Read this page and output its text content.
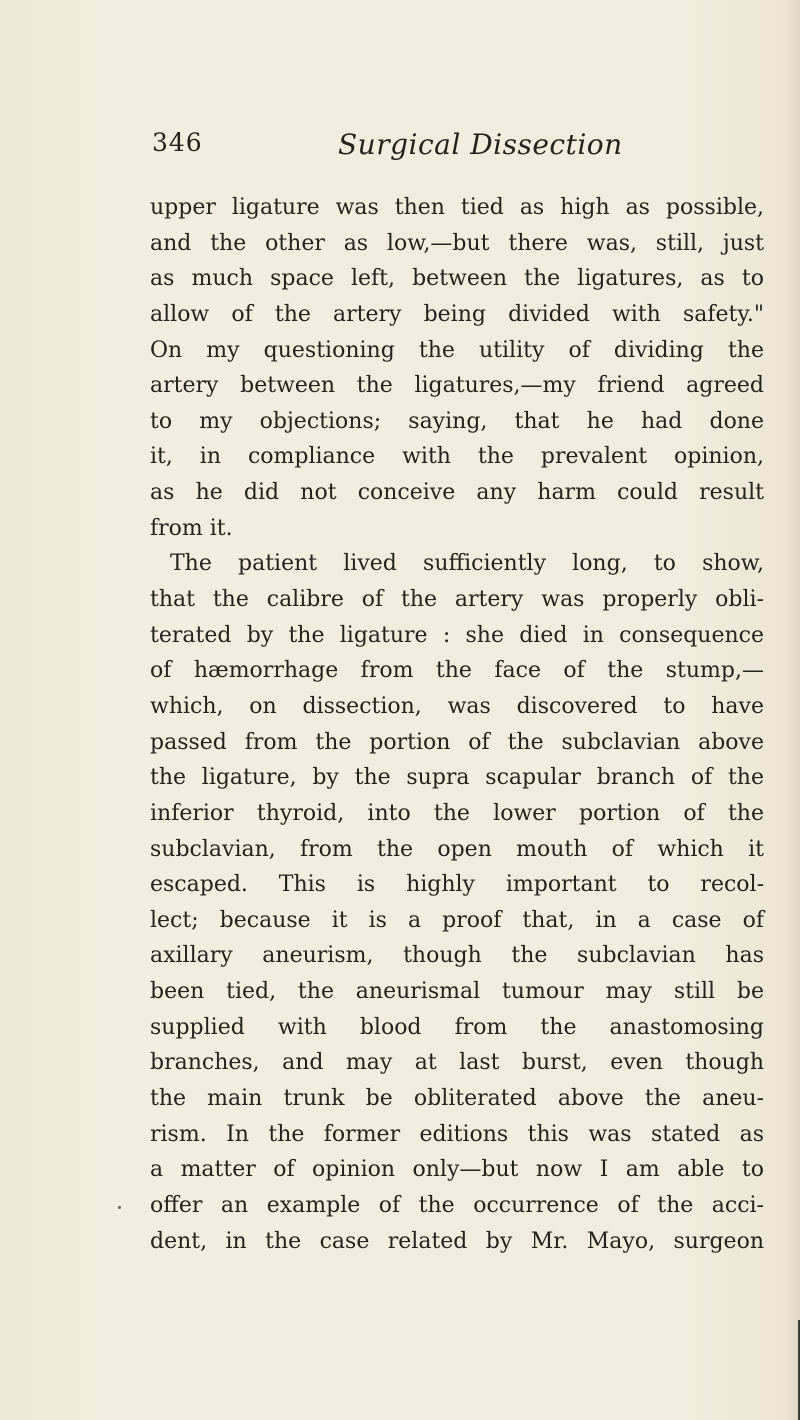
346	Surgical Dissection
upper ligature was then tied as high as possible,
and the other as low,—but there was, still, just
as much space left, between the ligatures, as to
allow of the artery being divided with safety."
On my questioning the utility of dividing the
artery between the ligatures,—my friend agreed
to my objections; saying, that he had done
it, in compliance with the prevalent opinion,
as he did not conceive any harm could result
from it.
The patient lived sufficiently long, to show,
that the calibre of the artery was properly obli-
terated by the ligature : she died in consequence
of hæmorrhage from the face of the stump,—
which, on dissection, was discovered to have
passed from the portion of the subclavian above
the ligature, by the supra scapular branch of the
inferior thyroid, into the lower portion of the
subclavian, from the open mouth of which it
escaped. This is highly important to recol-
lect; because it is a proof that, in a case of
axillary aneurism, though the subclavian has
been tied, the aneurismal tumour may still be
supplied with blood from the anastomosing
branches, and may at last burst, even though
the main trunk be obliterated above the aneu-
rism. In the former editions this was stated as
a matter of opinion only—but now I am able to
offer an example of the occurrence of the acci-
dent, in the case related by Mr. Mayo, surgeon
